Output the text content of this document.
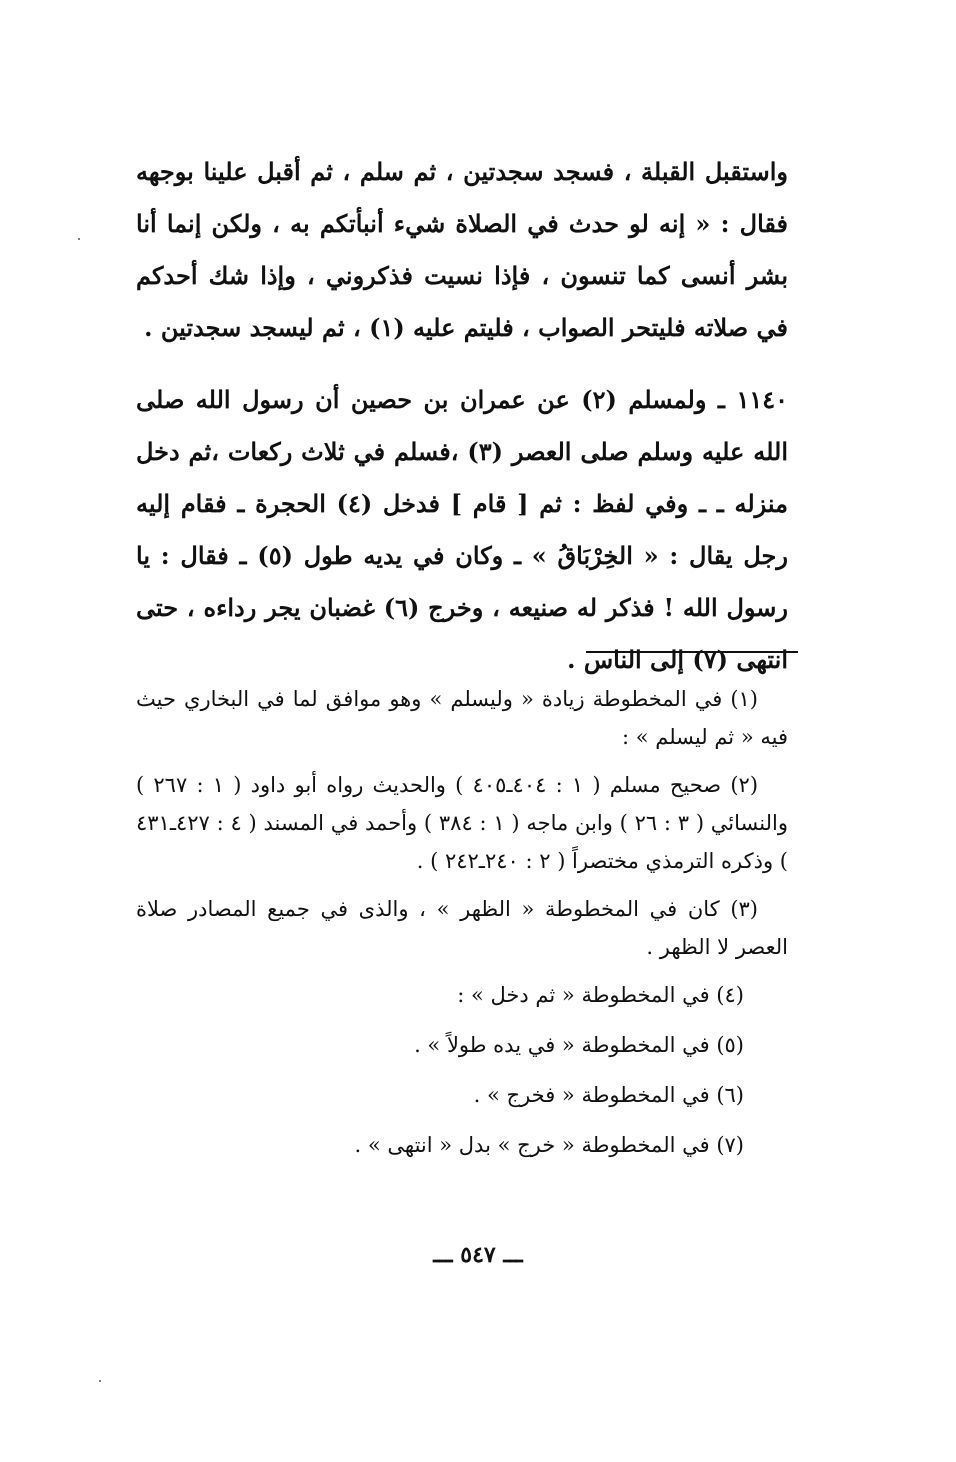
واستقبل القبلة ، فسجد سجدتين ، ثم سلم ، ثم أقبل علينا بوجهه فقال : « إنه لو حدث في الصلاة شيء أنبأتكم به ، ولكن إنما أنا بشر أنسى كما تنسون ، فإذا نسيت فذكروني ، وإذا شك أحدكم في صلاته فليتحر الصواب ، فليتم عليه (١) ، ثم ليسجد سجدتين .

١١٤٠ ـ ولمسلم (٢) عن عمران بن حصين أن رسول الله صلى الله عليه وسلم صلى العصر (٣) ،فسلم في ثلاث ركعات ،ثم دخل منزله ـ ـ وفي لفظ : ثم [ قام ] فدخل (٤) الحجرة ـ فقام إليه رجل يقال : « الخِرْبَاقُ » ـ وكان في يديه طول (٥) ـ فقال : يا رسول الله ! فذكر له صنيعه ، وخرج (٦) غضبان يجر رداءه ، حتى انتهى (٧) إلى الناس .

(١) في المخطوطة زيادة « وليسلم » وهو موافق لما في البخاري حيث فيه « ثم ليسلم » :

(٢) صحيح مسلم ( ١ : ٤٠٤ـ٤٠٥ ) والحديث رواه أبو داود ( ١ : ٢٦٧ ) والنسائي ( ٣ : ٢٦ ) وابن ماجه ( ١ : ٣٨٤ ) وأحمد في المسند ( ٤ : ٤٢٧ـ٤٣١ ) وذكره الترمذي مختصراً ( ٢ : ٢٤٠ـ٢٤٢ ) .

(٣) كان في المخطوطة « الظهر » ، والذى في جميع المصادر صلاة العصر لا الظهر .

(٤) في المخطوطة « ثم دخل » :

(٥) في المخطوطة « في يده طولاً » .

(٦) في المخطوطة « فخرج » .

(٧) في المخطوطة « خرج » بدل « انتهى » .

ـــ ٥٤٧ ـــ
